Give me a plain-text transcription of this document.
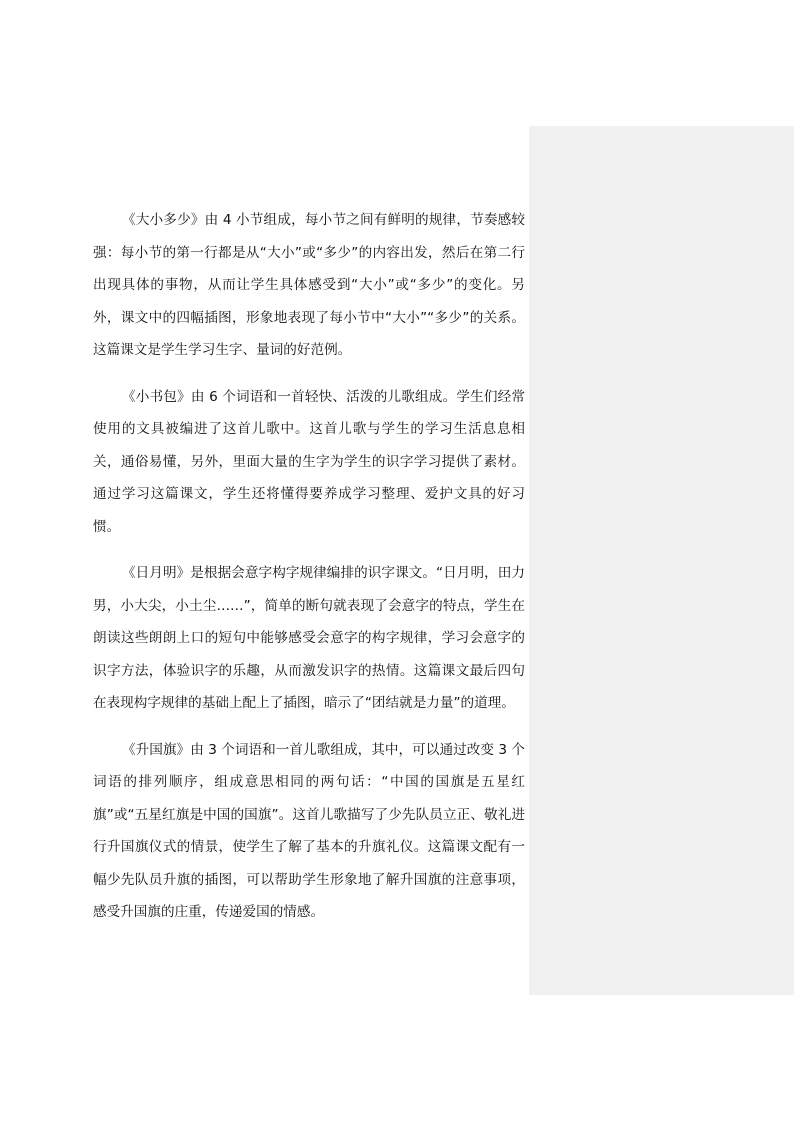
《大小多少》由 4 小节组成，每小节之间有鲜明的规律，节奏感较强：每小节的第一行都是从“大小”或“多少”的内容出发，然后在第二行出现具体的事物，从而让学生具体感受到“大小”或“多少”的变化。另外，课文中的四幅插图，形象地表现了每小节中“大小”“多少”的关系。这篇课文是学生学习生字、量词的好范例。

《小书包》由 6 个词语和一首轻快、活泼的儿歌组成。学生们经常使用的文具被编进了这首儿歌中。这首儿歌与学生的学习生活息息相关，通俗易懂，另外，里面大量的生字为学生的识字学习提供了素材。通过学习这篇课文，学生还将懂得要养成学习整理、爱护文具的好习惯。

《日月明》是根据会意字构字规律编排的识字课文。“日月明，田力男，小大尖，小土尘……”，简单的断句就表现了会意字的特点，学生在朗读这些朗朗上口的短句中能够感受会意字的构字规律，学习会意字的识字方法，体验识字的乐趣，从而激发识字的热情。这篇课文最后四句在表现构字规律的基础上配上了插图，暗示了“团结就是力量”的道理。

《升国旗》由 3 个词语和一首儿歌组成，其中，可以通过改变 3 个词语的排列顺序，组成意思相同的两句话：“中国的国旗是五星红旗”或“五星红旗是中国的国旗”。这首儿歌描写了少先队员立正、敬礼进行升国旗仪式的情景，使学生了解了基本的升旗礼仪。这篇课文配有一幅少先队员升旗的插图，可以帮助学生形象地了解升国旗的注意事项，感受升国旗的庄重，传递爱国的情感。
